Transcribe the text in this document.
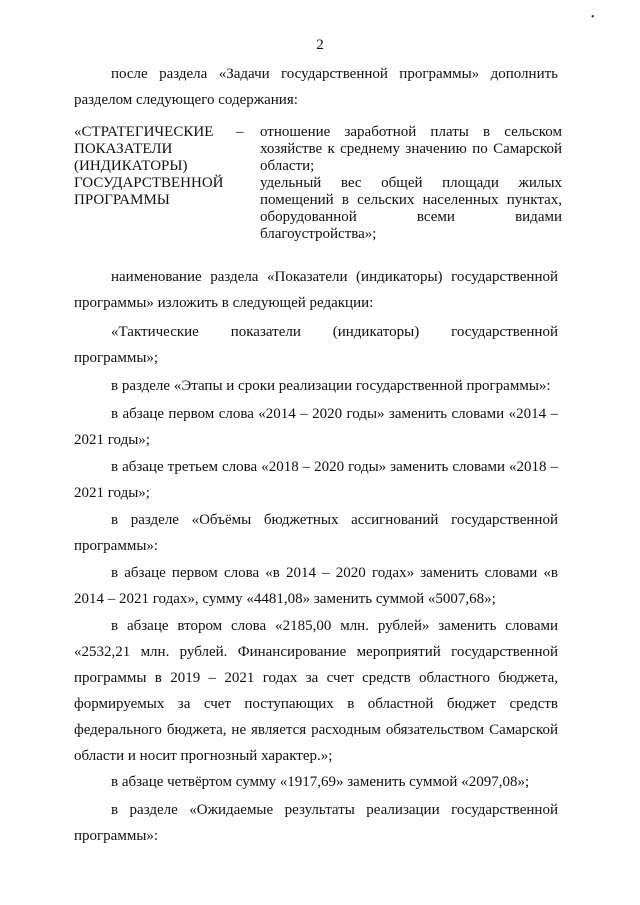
2
•

после раздела «Задачи государственной программы» дополнить разделом следующего содержания:

«СТРАТЕГИЧЕСКИЕ
ПОКАЗАТЕЛИ
(ИНДИКАТОРЫ)
ГОСУДАРСТВЕННОЙ
ПРОГРАММЫ
– отношение заработной платы в сельском
хозяйстве к среднему значению по Самарской
области;
удельный вес общей площади жилых
помещений в сельских населенных пунктах,
оборудованной всеми видами
благоустройства»;

наименование раздела «Показатели (индикаторы) государственной программы» изложить в следующей редакции:

«Тактические показатели (индикаторы) государственной программы»;

в разделе «Этапы и сроки реализации государственной программы»:

в абзаце первом слова «2014 – 2020 годы» заменить словами «2014 – 2021 годы»;

в абзаце третьем слова «2018 – 2020 годы» заменить словами «2018 – 2021 годы»;

в разделе «Объёмы бюджетных ассигнований государственной программы»:

в абзаце первом слова «в 2014 – 2020 годах» заменить словами «в 2014 – 2021 годах», сумму «4481,08» заменить суммой «5007,68»;

в абзаце втором слова «2185,00 млн. рублей» заменить словами «2532,21 млн. рублей. Финансирование мероприятий государственной программы в 2019 – 2021 годах за счет средств областного бюджета, формируемых за счет поступающих в областной бюджет средств федерального бюджета, не является расходным обязательством Самарской области и носит прогнозный характер.»;

в абзаце четвёртом сумму «1917,69» заменить суммой «2097,08»;

в разделе «Ожидаемые результаты реализации государственной программы»:
